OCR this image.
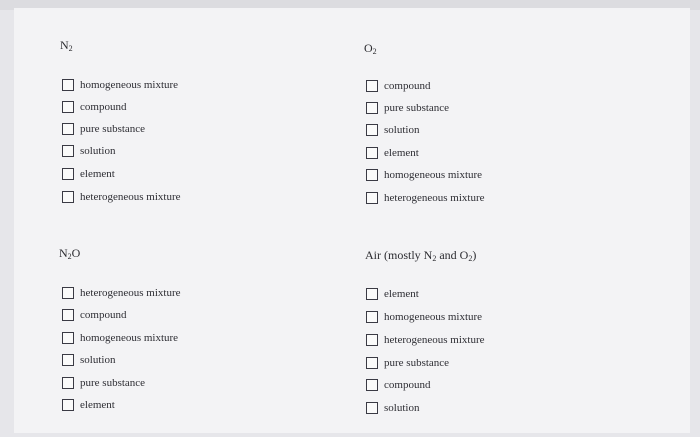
$N_2$
homogeneous mixture
compound
pure substance
solution
element
heterogeneous mixture
$O_2$
compound
pure substance
solution
element
homogeneous mixture
heterogeneous mixture
$N_2O$
heterogeneous mixture
compound
homogeneous mixture
solution
pure substance
element
Air (mostly $N_2$ and $O_2$)
element
homogeneous mixture
heterogeneous mixture
pure substance
compound
solution
